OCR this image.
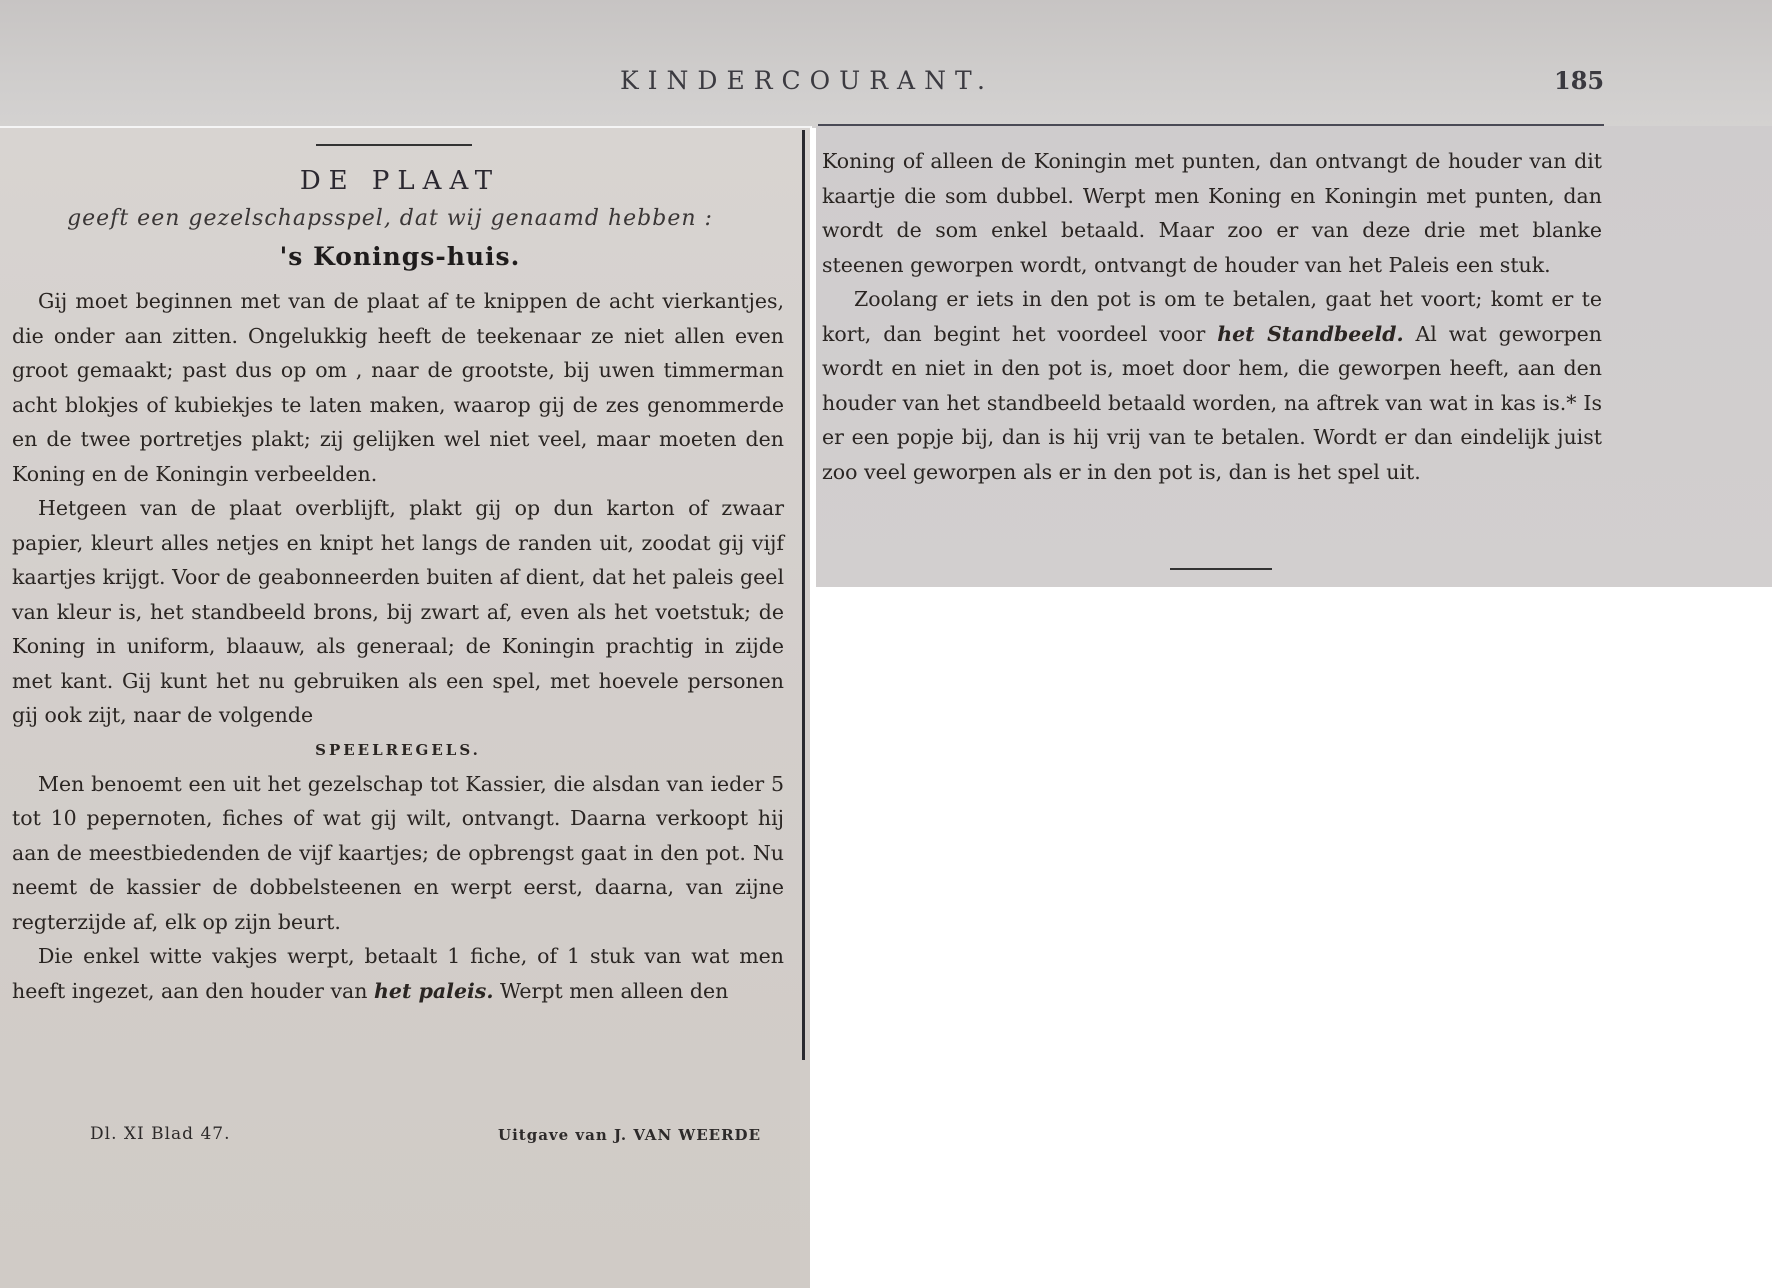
KINDERCOURANT.	185
DE PLAAT
geeft een gezelschapsspel, dat wij genaamd hebben :
's Konings-huis.

Gij moet beginnen met van de plaat af te knippen de acht vierkantjes, die onder aan zitten. Ongelukkig heeft de teekenaar ze niet allen even groot gemaakt; past dus op om , naar de grootste, bij uwen timmerman acht blokjes of kubiekjes te laten maken, waarop gij de zes genommerde en de twee portretjes plakt; zij gelijken wel niet veel, maar moeten den Koning en de Koningin verbeelden.

Hetgeen van de plaat overblijft, plakt gij op dun karton of zwaar papier, kleurt alles netjes en knipt het langs de randen uit, zoodat gij vijf kaartjes krijgt. Voor de geabonneerden buiten af dient, dat het paleis geel van kleur is, het standbeeld brons, bij zwart af, even als het voetstuk; de Koning in uniform, blaauw, als generaal; de Koningin prachtig in zijde met kant. Gij kunt het nu gebruiken als een spel, met hoevele personen gij ook zijt, naar de volgende

SPEELREGELS.

Men benoemt een uit het gezelschap tot Kassier, die alsdan van ieder 5 tot 10 pepernoten, fiches of wat gij wilt, ontvangt. Daarna verkoopt hij aan de meestbiedenden de vijf kaartjes; de opbrengst gaat in den pot. Nu neemt de kassier de dobbelsteenen en werpt eerst, daarna, van zijne regterzijde af, elk op zijn beurt.

Die enkel witte vakjes werpt, betaalt 1 fiche, of 1 stuk van wat men heeft ingezet, aan den houder van het paleis. Werpt men alleen den

Dl. XI Blad 47.	Uitgave van J. VAN WEERDE

Koning of alleen de Koningin met punten, dan ontvangt de houder van dit kaartje die som dubbel. Werpt men Koning en Koningin met punten, dan wordt de som enkel betaald. Maar zoo er van deze drie met blanke steenen geworpen wordt, ontvangt de houder van het Paleis een stuk.

Zoolang er iets in den pot is om te betalen, gaat het voort; komt er te kort, dan begint het voordeel voor het Standbeeld. Al wat geworpen wordt en niet in den pot is, moet door hem, die geworpen heeft, aan den houder van het standbeeld betaald worden, na aftrek van wat in kas is.* Is er een popje bij, dan is hij vrij van te betalen. Wordt er dan eindelijk juist zoo veel geworpen als er in den pot is, dan is het spel uit.
